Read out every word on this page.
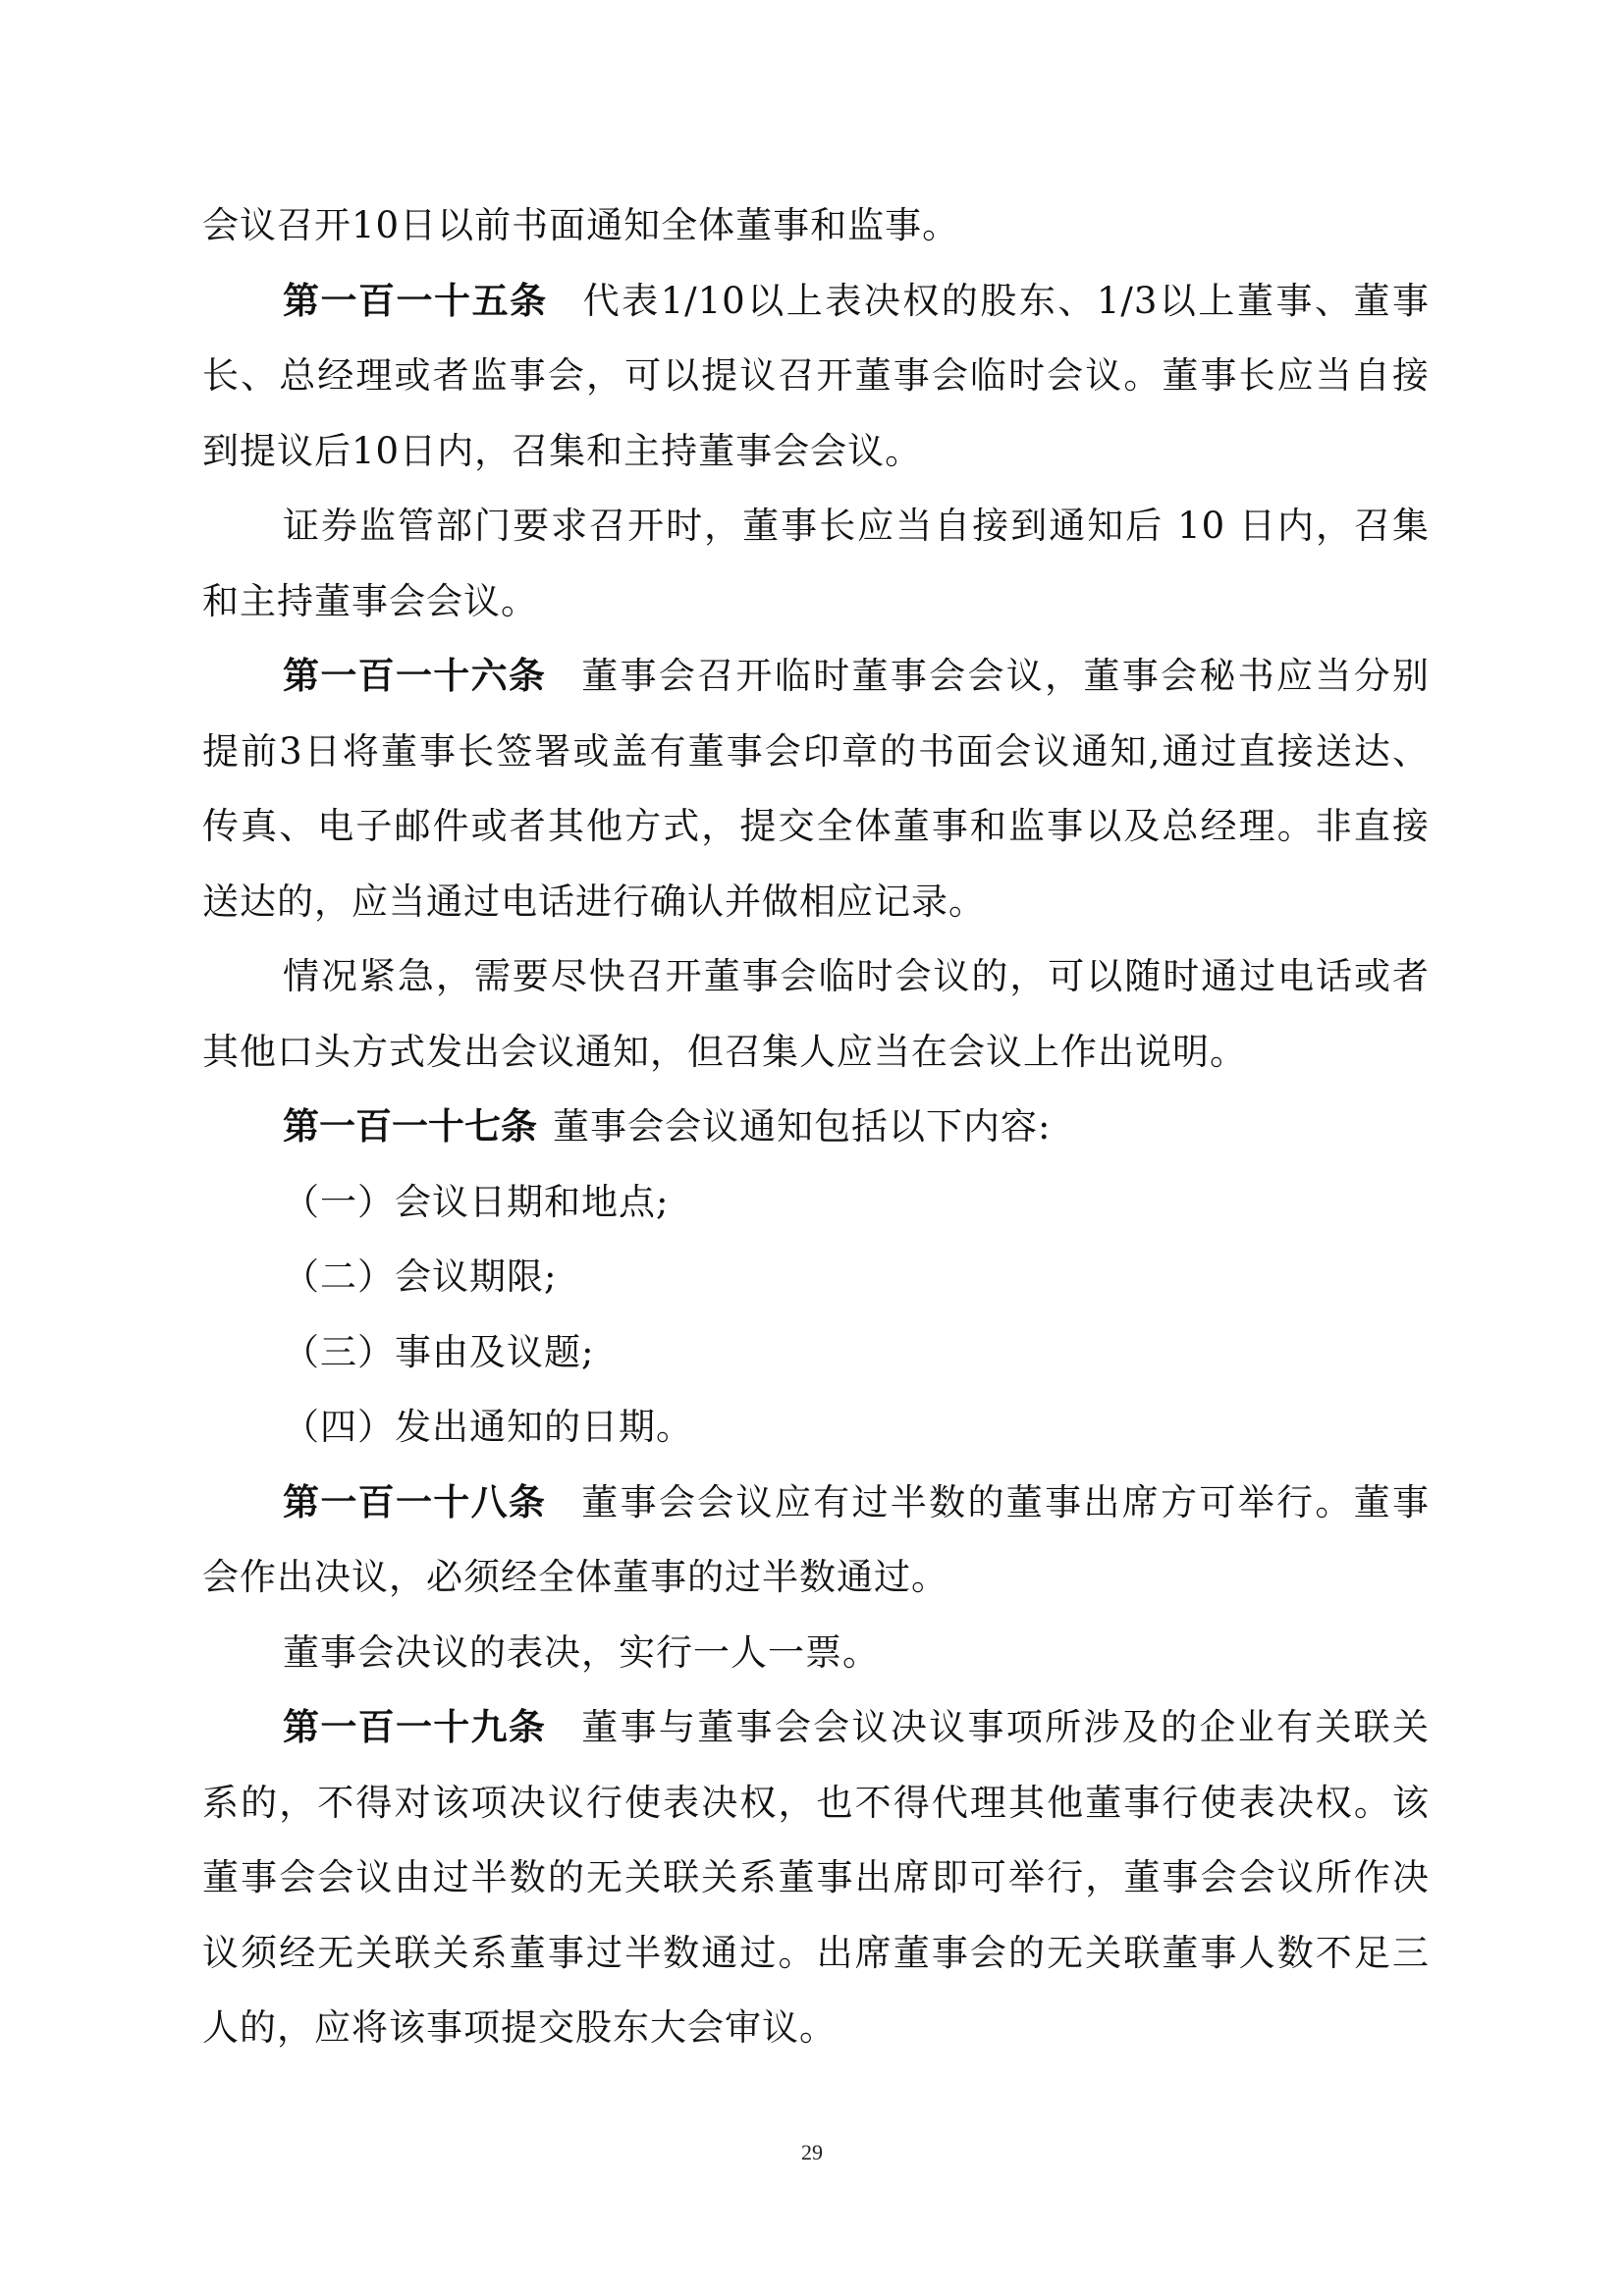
会议召开10日以前书面通知全体董事和监事。

第一百一十五条 代表1/10以上表决权的股东、1/3以上董事、董事长、总经理或者监事会，可以提议召开董事会临时会议。董事长应当自接到提议后10日内，召集和主持董事会会议。

证券监管部门要求召开时，董事长应当自接到通知后 10 日内，召集和主持董事会会议。

第一百一十六条 董事会召开临时董事会会议，董事会秘书应当分别提前3日将董事长签署或盖有董事会印章的书面会议通知,通过直接送达、传真、电子邮件或者其他方式，提交全体董事和监事以及总经理。非直接送达的，应当通过电话进行确认并做相应记录。

情况紧急，需要尽快召开董事会临时会议的，可以随时通过电话或者其他口头方式发出会议通知，但召集人应当在会议上作出说明。

第一百一十七条 董事会会议通知包括以下内容:

（一）会议日期和地点;

（二）会议期限;

（三）事由及议题;

（四）发出通知的日期。

第一百一十八条 董事会会议应有过半数的董事出席方可举行。董事会作出决议，必须经全体董事的过半数通过。

董事会决议的表决，实行一人一票。

第一百一十九条 董事与董事会会议决议事项所涉及的企业有关联关系的，不得对该项决议行使表决权，也不得代理其他董事行使表决权。该董事会会议由过半数的无关联关系董事出席即可举行，董事会会议所作决议须经无关联关系董事过半数通过。出席董事会的无关联董事人数不足三人的，应将该事项提交股东大会审议。

29
